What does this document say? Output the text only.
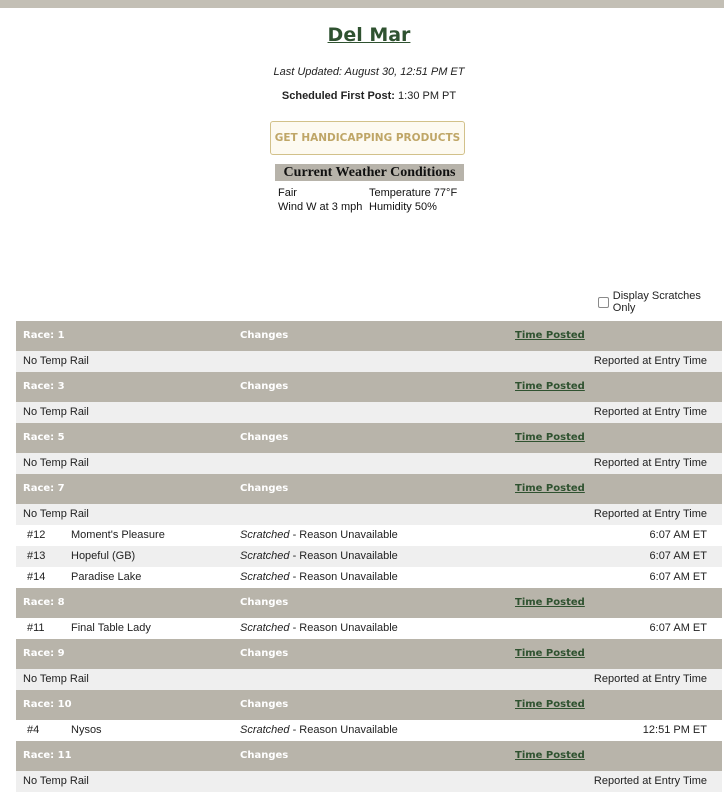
Del Mar
Last Updated: August 30, 12:51 PM ET
Scheduled First Post: 1:30 PM PT
GET HANDICAPPING PRODUCTS
Current Weather Conditions
Fair	Temperature 77°F
Wind W at 3 mph Humidity 50%
Display Scratches Only
Race: 1	Changes	Time Posted
No Temp Rail	Reported at Entry Time
Race: 3	Changes	Time Posted
No Temp Rail	Reported at Entry Time
Race: 5	Changes	Time Posted
No Temp Rail	Reported at Entry Time
Race: 7	Changes	Time Posted
No Temp Rail	Reported at Entry Time
#12 Moment's Pleasure	Scratched - Reason Unavailable	6:07 AM ET
#13 Hopeful (GB)	Scratched - Reason Unavailable	6:07 AM ET
#14 Paradise Lake	Scratched - Reason Unavailable	6:07 AM ET
Race: 8	Changes	Time Posted
#11 Final Table Lady	Scratched - Reason Unavailable	6:07 AM ET
Race: 9	Changes	Time Posted
No Temp Rail	Reported at Entry Time
Race: 10	Changes	Time Posted
#4	Nysos	Scratched - Reason Unavailable	12:51 PM ET
Race: 11	Changes	Time Posted
No Temp Rail	Reported at Entry Time
